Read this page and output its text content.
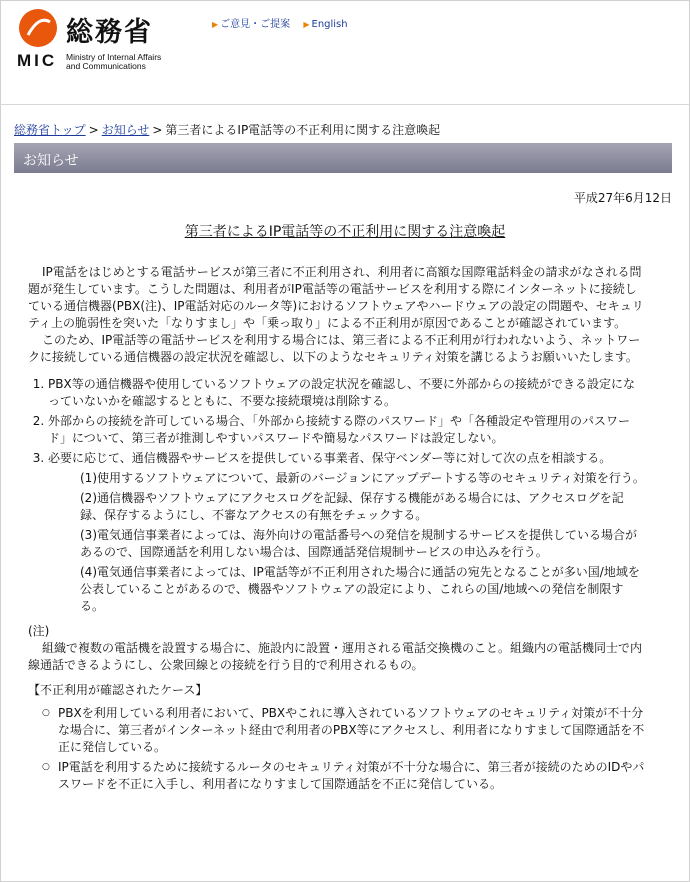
総務省
MIC Ministry of Internal Affairs
and Communications
▶ ご意見・ご提案 ▶ English
総務省トップ > お知らせ > 第三者によるIP電話等の不正利用に関する注意喚起
お知らせ
平成27年6月12日
第三者によるIP電話等の不正利用に関する注意喚起

IP電話をはじめとする電話サービスが第三者に不正利用され、利用者に高額な国際電話料金の請求がなされる問題が発生しています。こうした問題は、利用者がIP電話等の電話サービスを利用する際にインターネットに接続している通信機器(PBX(注)、IP電話対応のルータ等)におけるソフトウェアやハードウェアの設定の問題や、セキュリティ上の脆弱性を突いた「なりすまし」や「乗っ取り」による不正利用が原因であることが確認されています。

このため、IP電話等の電話サービスを利用する場合には、第三者による不正利用が行われないよう、ネットワークに接続している通信機器の設定状況を確認し、以下のようなセキュリティ対策を講じるようお願いいたします。

1. PBX等の通信機器や使用しているソフトウェアの設定状況を確認し、不要に外部からの接続ができる設定になっていないかを確認するとともに、不要な接続環境は削除する。
2. 外部からの接続を許可している場合、「外部から接続する際のパスワード」や「各種設定や管理用のパスワード」について、第三者が推測しやすいパスワードや簡易なパスワードは設定しない。
3. 必要に応じて、通信機器やサービスを提供している事業者、保守ベンダー等に対して次の点を相談する。
(1)使用するソフトウェアについて、最新のバージョンにアップデートする等のセキュリティ対策を行う。
(2)通信機器やソフトウェアにアクセスログを記録、保存する機能がある場合には、アクセスログを記録、保存するようにし、不審なアクセスの有無をチェックする。
(3)電気通信事業者によっては、海外向けの電話番号への発信を規制するサービスを提供している場合があるので、国際通話を利用しない場合は、国際通話発信規制サービスの申込みを行う。
(4)電気通信事業者によっては、IP電話等が不正利用された場合に通話の宛先となることが多い国/地域を公表していることがあるので、機器やソフトウェアの設定により、これらの国/地域への発信を制限する。
(注)

組織で複数の電話機を設置する場合に、施設内に設置・運用される電話交換機のこと。組織内の電話機同士で内線通話できるようにし、公衆回線との接続を行う目的で利用されるもの。

【不正利用が確認されたケース】
○ PBXを利用している利用者において、PBXやこれに導入されているソフトウェアのセキュリティ対策が不十分な場合に、第三者がインターネット経由で利用者のPBX等にアクセスし、利用者になりすまして国際通話を不正に発信している。
○ IP電話を利用するために接続するルータのセキュリティ対策が不十分な場合に、第三者が接続のためのIDやパスワードを不正に入手し、利用者になりすまして国際通話を不正に発信している。
